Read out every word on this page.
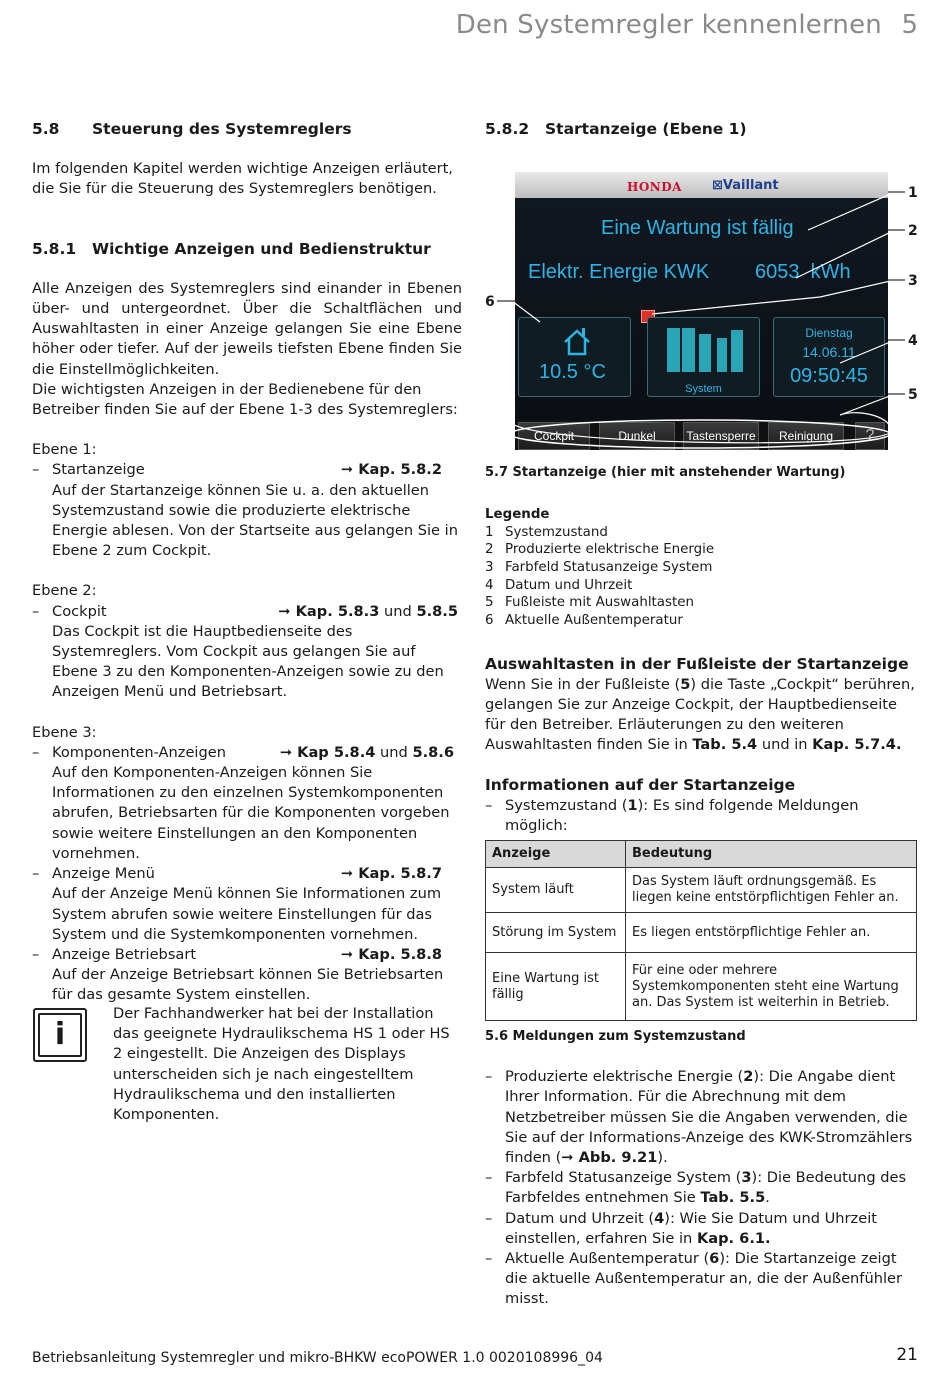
Den Systemregler kennenlernen 5
5.8 Steuerung des Systemreglers

Im folgenden Kapitel werden wichtige Anzeigen erläutert, die Sie für die Steuerung des Systemreglers benötigen.

5.8.1 Wichtige Anzeigen und Bedienstruktur

Alle Anzeigen des Systemreglers sind einander in Ebenen über- und untergeordnet. Über die Schaltflächen und Auswahltasten in einer Anzeige gelangen Sie eine Ebene höher oder tiefer. Auf der jeweils tiefsten Ebene finden Sie die Einstellmöglichkeiten.

Die wichtigsten Anzeigen in der Bedienebene für den Betreiber finden Sie auf der Ebene 1-3 des Systemreglers:

Ebene 1:

– Startanzeige	➞ Kap. 5.8.2
Auf der Startanzeige können Sie u. a. den aktuellen Systemzustand sowie die produzierte elektrische Energie ablesen. Von der Startseite aus gelangen Sie in Ebene 2 zum Cockpit.

Ebene 2:

– Cockpit	➞ Kap. 5.8.3 und 5.8.5
Das Cockpit ist die Hauptbedienseite des Systemreglers. Vom Cockpit aus gelangen Sie auf Ebene 3 zu den Komponenten-Anzeigen sowie zu den Anzeigen Menü und Betriebsart.

Ebene 3:

– Komponenten-Anzeigen	➞ Kap 5.8.4 und 5.8.6
Auf den Komponenten-Anzeigen können Sie Informationen zu den einzelnen Systemkomponenten abrufen, Betriebsarten für die Komponenten vorgeben sowie weitere Einstellungen an den Komponenten vornehmen.
– Anzeige Menü	➞ Kap. 5.8.7
Auf der Anzeige Menü können Sie Informationen zum System abrufen sowie weitere Einstellungen für das System und die Systemkomponenten vornehmen.
– Anzeige Betriebsart	➞ Kap. 5.8.8
Auf der Anzeige Betriebsart können Sie Betriebsarten für das gesamte System einstellen.
i

Der Fachhandwerker hat bei der Installation das geeignete Hydraulikschema HS 1 oder HS 2 eingestellt. Die Anzeigen des Displays unterscheiden sich je nach eingestelltem Hydraulikschema und den installierten Komponenten.

5.8.2 Startanzeige (Ebene 1)
HONDA ⊠Vaillant
Eine Wartung ist fällig
Elektr. Energie KWK 6053 kWh
10.5 °C
System
Dienstag
14.06.11
09:50:45
Cockpit	Dunkel	Tastensperre	Reinigung	?
1
2
3
4
5
6
5.7 Startanzeige (hier mit anstehender Wartung)
Legende
1 Systemzustand
2 Produzierte elektrische Energie
3 Farbfeld Statusanzeige System
4 Datum und Uhrzeit
5 Fußleiste mit Auswahltasten
6 Aktuelle Außentemperatur
Auswahltasten in der Fußleiste der Startanzeige

Wenn Sie in der Fußleiste (5) die Taste „Cockpit“ berühren, gelangen Sie zur Anzeige Cockpit, der Hauptbedienseite für den Betreiber. Erläuterungen zu den weiteren Auswahltasten finden Sie in Tab. 5.4 und in Kap. 5.7.4.

Informationen auf der Startanzeige
– Systemzustand (1): Es sind folgende Meldungen möglich:
Anzeige	Bedeutung
System läuft	Das System läuft ordnungsgemäß. Es liegen keine entstörpflichtigen Fehler an.
Störung im System	Es liegen entstörpflichtige Fehler an.
Eine Wartung ist fällig	Für eine oder mehrere Systemkomponenten steht eine Wartung an. Das System ist weiterhin in Betrieb.
5.6 Meldungen zum Systemzustand
– Produzierte elektrische Energie (2): Die Angabe dient Ihrer Information. Für die Abrechnung mit dem Netzbetreiber müssen Sie die Angaben verwenden, die Sie auf der Informations-Anzeige des KWK-Stromzählers finden (➞ Abb. 9.21).
– Farbfeld Statusanzeige System (3): Die Bedeutung des Farbfeldes entnehmen Sie Tab. 5.5.
– Datum und Uhrzeit (4): Wie Sie Datum und Uhrzeit einstellen, erfahren Sie in Kap. 6.1.
– Aktuelle Außentemperatur (6): Die Startanzeige zeigt die aktuelle Außentemperatur an, die der Außenfühler misst.
Betriebsanleitung Systemregler und mikro-BHKW ecoPOWER 1.0 0020108996_04	21
